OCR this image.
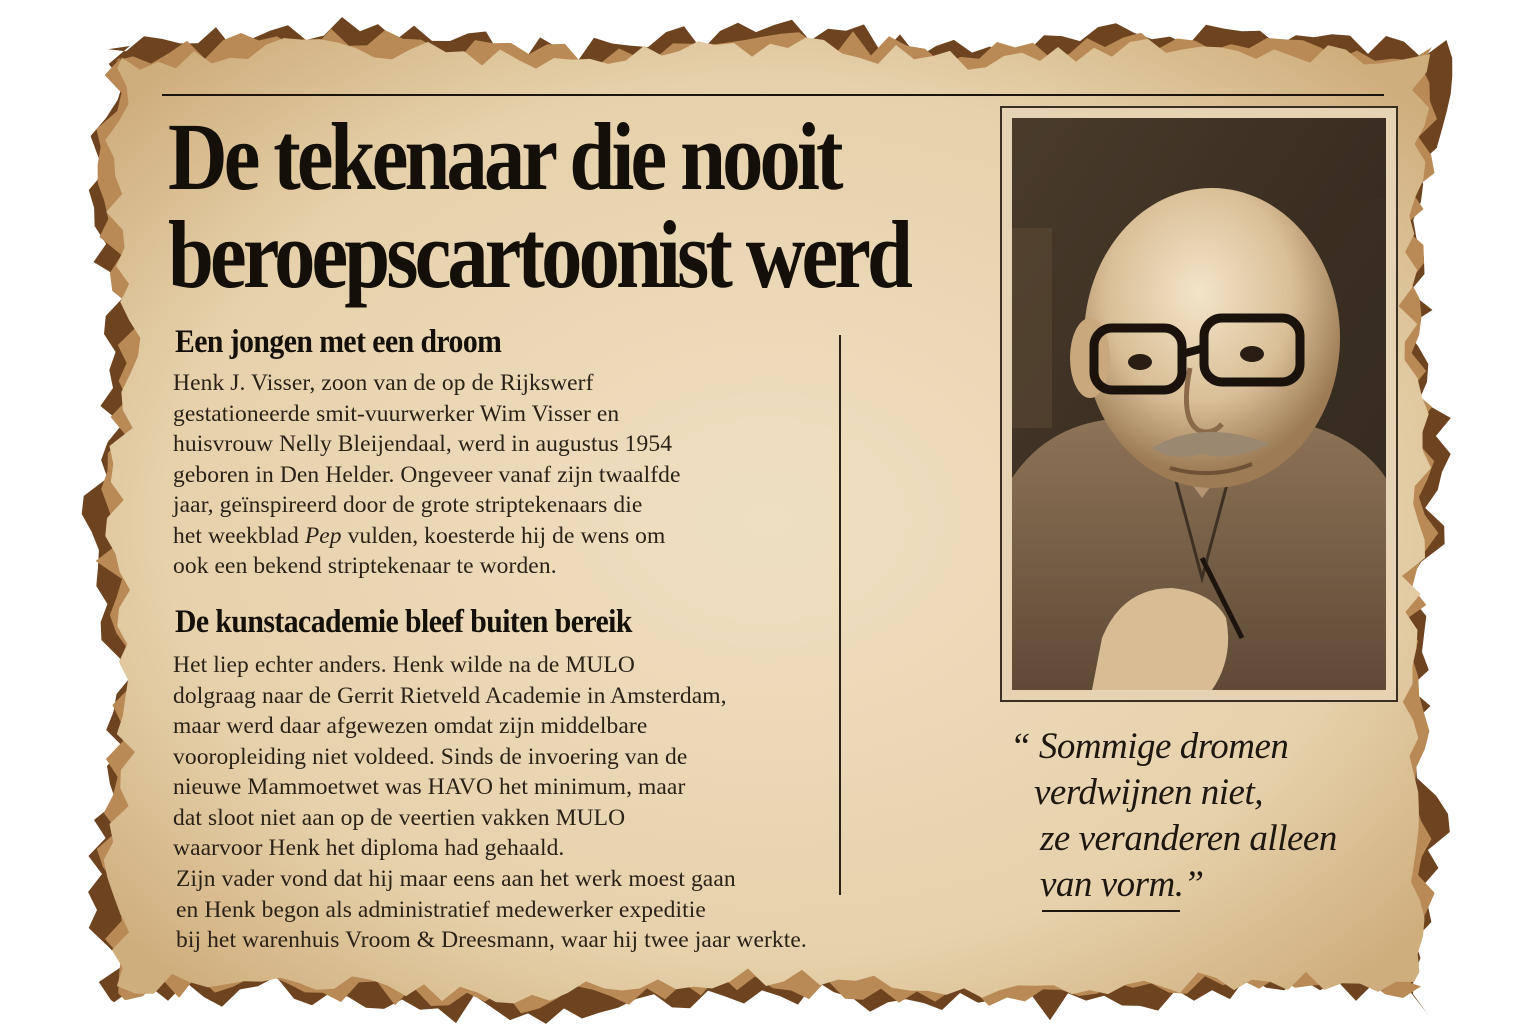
De tekenaar die nooit
beroepscartoonist werd
Een jongen met een droom
Henk J. Visser, zoon van de op de Rijkswerf
gestationeerde smit-vuurwerker Wim Visser en
huisvrouw Nelly Bleijendaal, werd in augustus 1954
geboren in Den Helder. Ongeveer vanaf zijn twaalfde
jaar, geïnspireerd door de grote striptekenaars die
het weekblad Pep vulden, koesterde hij de wens om
ook een bekend striptekenaar te worden.
De kunstacademie bleef buiten bereik
Het liep echter anders. Henk wilde na de MULO
dolgraag naar de Gerrit Rietveld Academie in Amsterdam,
maar werd daar afgewezen omdat zijn middelbare
vooropleiding niet voldeed. Sinds de invoering van de
nieuwe Mammoetwet was HAVO het minimum, maar
dat sloot niet aan op de veertien vakken MULO
waarvoor Henk het diploma had gehaald.
Zijn vader vond dat hij maar eens aan het werk moest gaan
en Henk begon als administratief medewerker expeditie
bij het warenhuis Vroom & Dreesmann, waar hij twee jaar werkte.
“ Sommige dromen
verdwijnen niet,
ze veranderen alleen
van vorm.”
